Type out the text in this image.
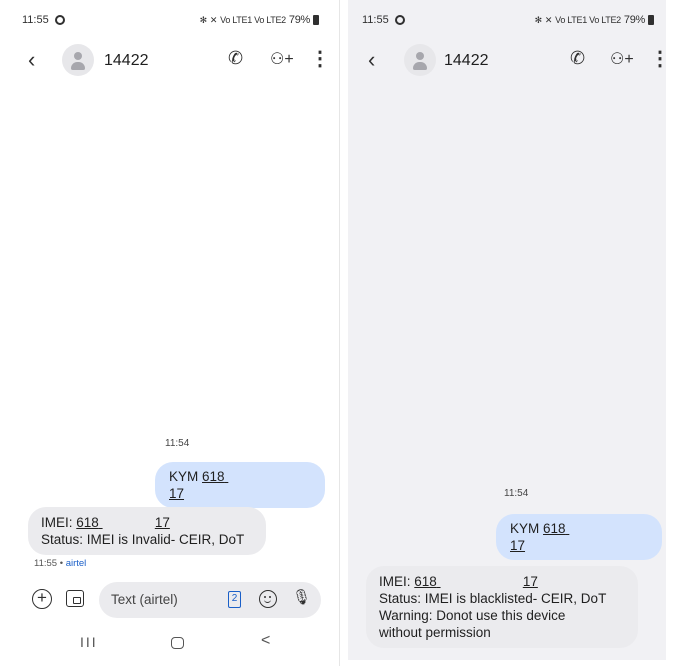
11:55	✻ ✕ Vo LTE1 Vo LTE2 79%
‹	14422	✆ ⚇+ ⋮
11:54
KYM 618 17
IMEI: 618	17
Status: IMEI is Invalid- CEIR, DoT
11:55 • airtel
+
Text (airtel)	2	🎙
III	<
11:55	✻ ✕ Vo LTE1 Vo LTE2 79%
‹	14422	✆ ⚇+ ⋮
11:54
KYM 618 17
IMEI: 618	17
Status: IMEI is blacklisted- CEIR, DoT
Warning: Donot use this device
without permission
